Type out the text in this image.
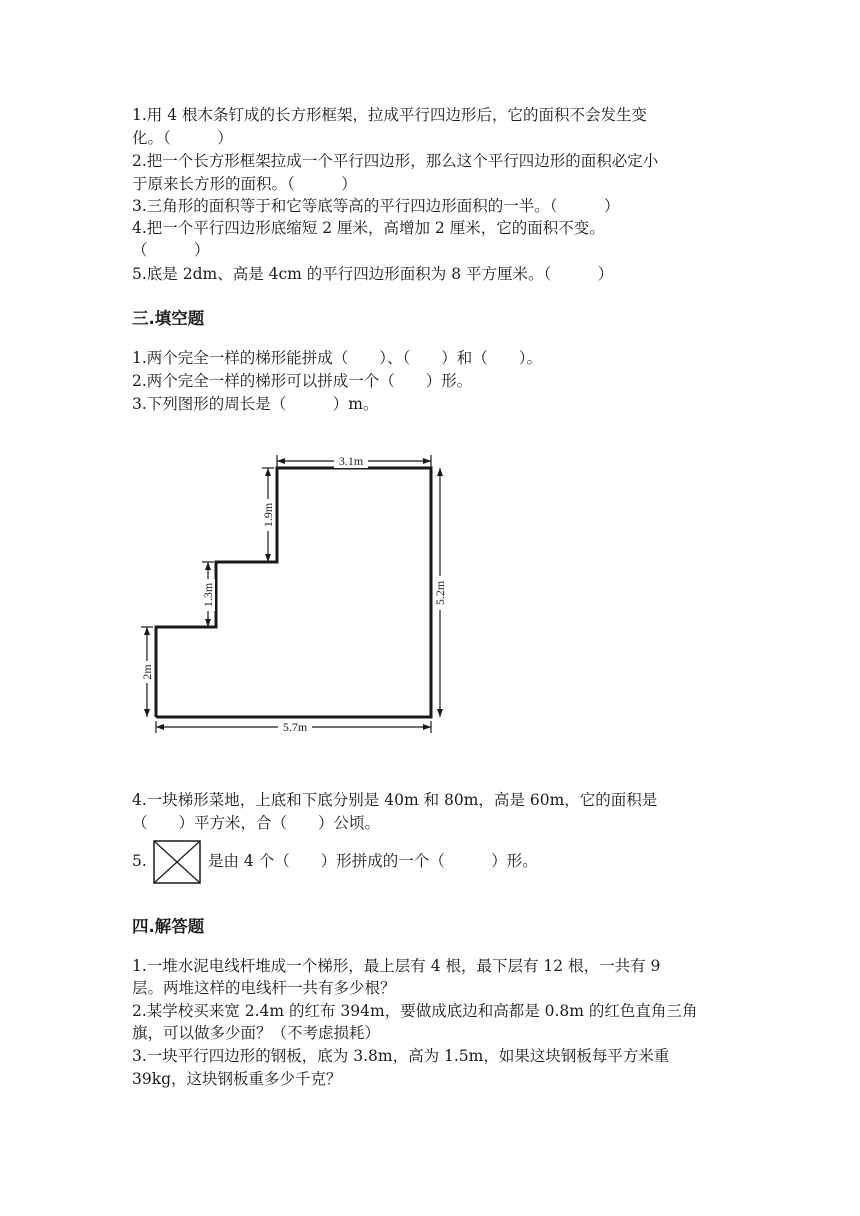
1.用 4 根木条钉成的长方形框架，拉成平行四边形后，它的面积不会发生变
化。（　　　）
2.把一个长方形框架拉成一个平行四边形，那么这个平行四边形的面积必定小
于原来长方形的面积。（　　　）
3.三角形的面积等于和它等底等高的平行四边形面积的一半。（　　　）
4.把一个平行四边形底缩短 2 厘米，高增加 2 厘米，它的面积不变。
（　　　）
5.底是 2dm、高是 4cm 的平行四边形面积为 8 平方厘米。（　　　）
三.填空题
1.两个完全一样的梯形能拼成（　　）、（　　）和（　　）。
2.两个完全一样的梯形可以拼成一个（　　）形。
3.下列图形的周长是（　　　）m。
3.1m
5.2m
5.7m
2m
1.9m
1.3m
4.一块梯形菜地，上底和下底分别是 40m 和 80m，高是 60m，它的面积是
（　　）平方米，合（　　）公顷。
5.	是由 4 个（　　）形拼成的一个（　　　）形。
四.解答题
1.一堆水泥电线杆堆成一个梯形，最上层有 4 根，最下层有 12 根，一共有 9
层。两堆这样的电线杆一共有多少根？
2.某学校买来宽 2.4m 的红布 394m，要做成底边和高都是 0.8m 的红色直角三角
旗，可以做多少面？（不考虑损耗）
3.一块平行四边形的钢板，底为 3.8m，高为 1.5m，如果这块钢板每平方米重
39kg，这块钢板重多少千克？
